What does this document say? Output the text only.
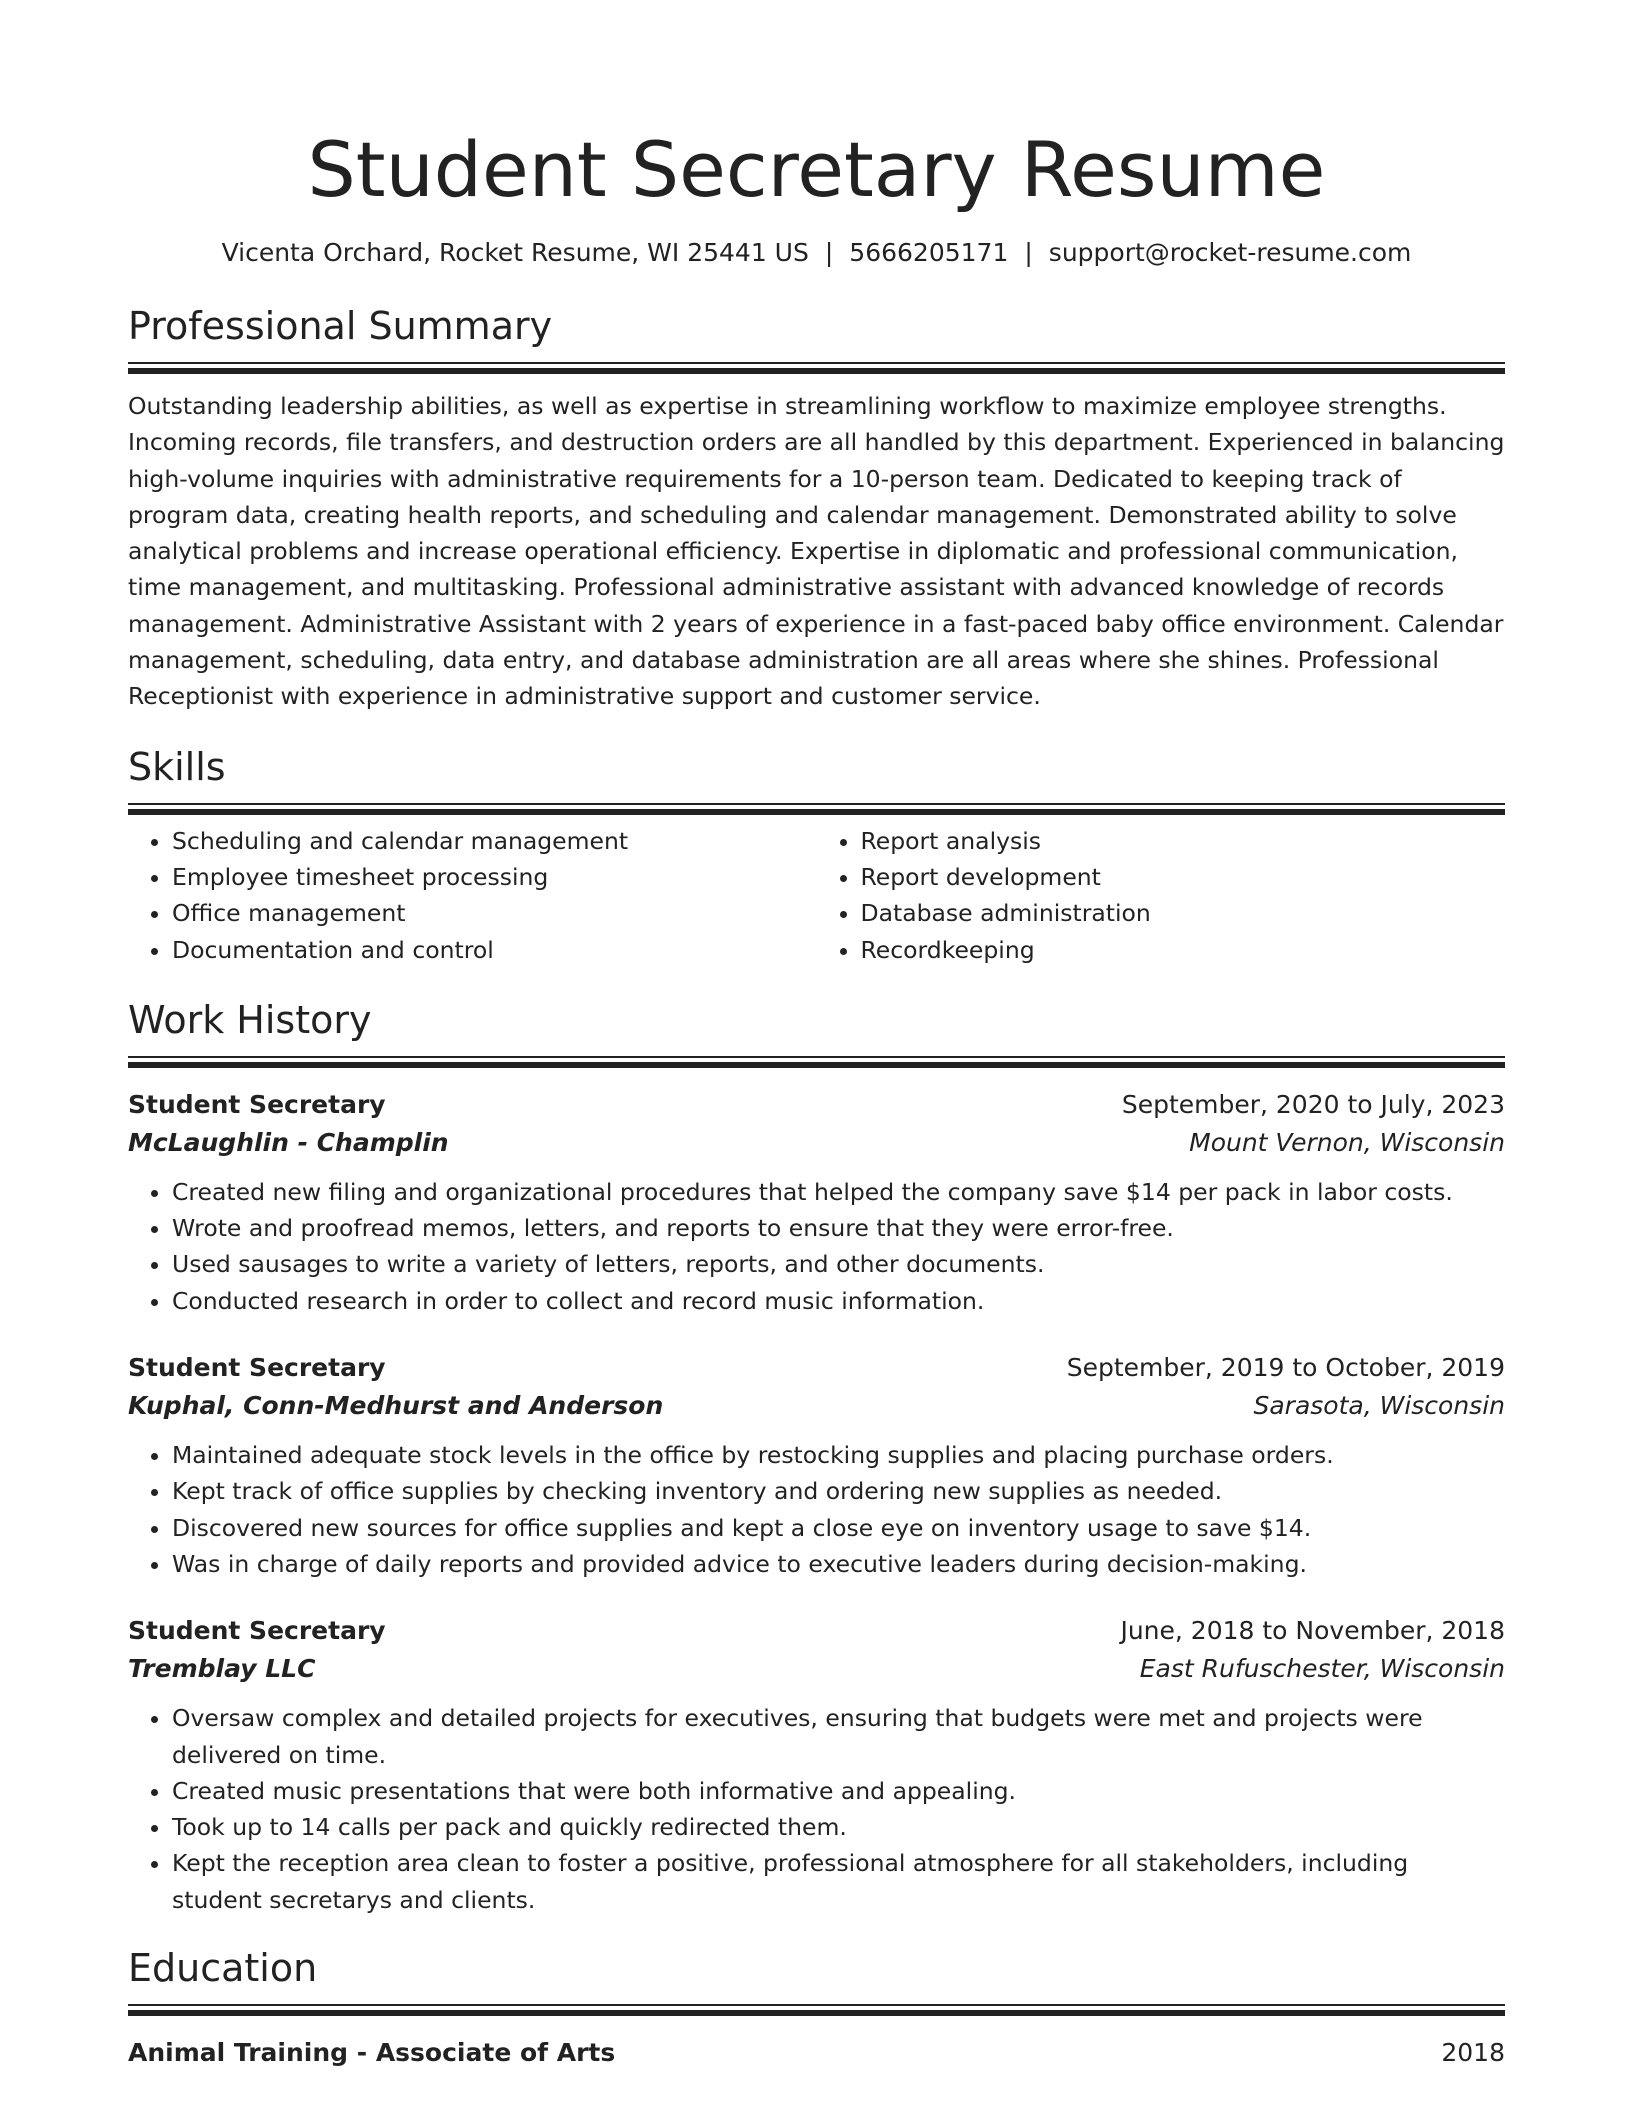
Student Secretary Resume
Vicenta Orchard, Rocket Resume, WI 25441 US | 5666205171 | support@rocket-resume.com
Professional Summary
Outstanding leadership abilities, as well as expertise in streamlining workflow to maximize employee strengths. Incoming records, file transfers, and destruction orders are all handled by this department. Experienced in balancing high-volume inquiries with administrative requirements for a 10-person team. Dedicated to keeping track of program data, creating health reports, and scheduling and calendar management. Demonstrated ability to solve analytical problems and increase operational efficiency. Expertise in diplomatic and professional communication, time management, and multitasking. Professional administrative assistant with advanced knowledge of records management. Administrative Assistant with 2 years of experience in a fast-paced baby office environment. Calendar management, scheduling, data entry, and database administration are all areas where she shines. Professional Receptionist with experience in administrative support and customer service.
Skills
• Scheduling and calendar management
• Employee timesheet processing
• Office management
• Documentation and control
• Report analysis
• Report development
• Database administration
• Recordkeeping
Work History
Student Secretary	September, 2020 to July, 2023
McLaughlin - Champlin	Mount Vernon, Wisconsin
• Created new filing and organizational procedures that helped the company save $14 per pack in labor costs.
• Wrote and proofread memos, letters, and reports to ensure that they were error-free.
• Used sausages to write a variety of letters, reports, and other documents.
• Conducted research in order to collect and record music information.
Student Secretary	September, 2019 to October, 2019
Kuphal, Conn-Medhurst and Anderson	Sarasota, Wisconsin
• Maintained adequate stock levels in the office by restocking supplies and placing purchase orders.
• Kept track of office supplies by checking inventory and ordering new supplies as needed.
• Discovered new sources for office supplies and kept a close eye on inventory usage to save $14.
• Was in charge of daily reports and provided advice to executive leaders during decision-making.
Student Secretary	June, 2018 to November, 2018
Tremblay LLC	East Rufuschester, Wisconsin
• Oversaw complex and detailed projects for executives, ensuring that budgets were met and projects were delivered on time.
• Created music presentations that were both informative and appealing.
• Took up to 14 calls per pack and quickly redirected them.
• Kept the reception area clean to foster a positive, professional atmosphere for all stakeholders, including student secretarys and clients.
Education
Animal Training - Associate of Arts	2018
